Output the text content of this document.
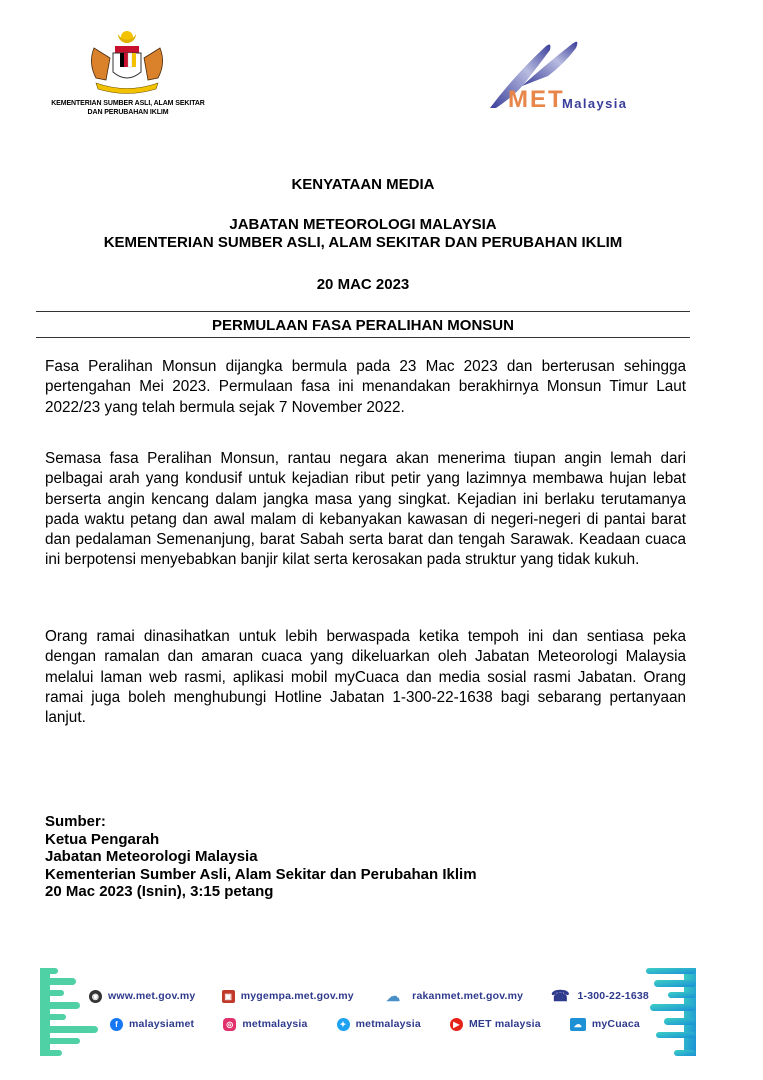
KEMENTERIAN SUMBER ASLI, ALAM SEKITAR
DAN PERUBAHAN IKLIM	MET
Malaysia
KENYATAAN MEDIA
JABATAN METEOROLOGI MALAYSIA
KEMENTERIAN SUMBER ASLI, ALAM SEKITAR DAN PERUBAHAN IKLIM
20 MAC 2023
PERMULAAN FASA PERALIHAN MONSUN

Fasa Peralihan Monsun dijangka bermula pada 23 Mac 2023 dan berterusan sehingga pertengahan Mei 2023. Permulaan fasa ini menandakan berakhirnya Monsun Timur Laut 2022/23 yang telah bermula sejak 7 November 2022.

Semasa fasa Peralihan Monsun, rantau negara akan menerima tiupan angin lemah dari pelbagai arah yang kondusif untuk kejadian ribut petir yang lazimnya membawa hujan lebat berserta angin kencang dalam jangka masa yang singkat. Kejadian ini berlaku terutamanya pada waktu petang dan awal malam di kebanyakan kawasan di negeri-negeri di pantai barat dan pedalaman Semenanjung, barat Sabah serta barat dan tengah Sarawak. Keadaan cuaca ini berpotensi menyebabkan banjir kilat serta kerosakan pada struktur yang tidak kukuh.

Orang ramai dinasihatkan untuk lebih berwaspada ketika tempoh ini dan sentiasa peka dengan ramalan dan amaran cuaca yang dikeluarkan oleh Jabatan Meteorologi Malaysia melalui laman web rasmi, aplikasi mobil myCuaca dan media sosial rasmi Jabatan. Orang ramai juga boleh menghubungi Hotline Jabatan 1-300-22-1638 bagi sebarang pertanyaan lanjut.

Sumber:
Ketua Pengarah
Jabatan Meteorologi Malaysia
Kementerian Sumber Asli, Alam Sekitar dan Perubahan Iklim
20 Mac 2023 (Isnin), 3:15 petang
◉ www.met.gov.my	▣ mygempa.met.gov.my	☁	rakanmet.met.gov.my ☎ 1-300-22-1638
f	malaysiamet	◎ metmalaysia	✦ metmalaysia	▶ MET malaysia	☁ myCuaca
